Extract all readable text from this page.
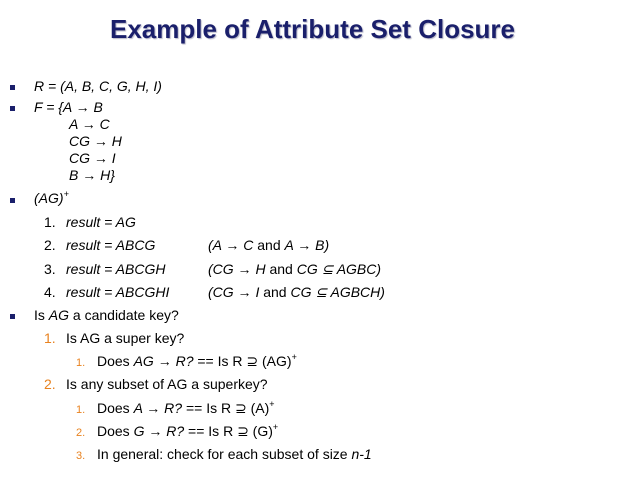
Example of Attribute Set Closure
R = (A, B, C, G, H, I)
F = {A → B
A → C
CG → H
CG → I
B → H}
(AG)+
1. result = AG
2. result = ABCG	(A → C and A → B)
3. result = ABCGH	(CG → H and CG ⊆ AGBC)
4. result = ABCGHI	(CG → I and CG ⊆ AGBCH)
Is AG a candidate key?
1. Is AG a super key?
1. Does AG → R? == Is R ⊇ (AG)+
2. Is any subset of AG a superkey?
1. Does A → R? == Is R ⊇ (A)+
2. Does G → R? == Is R ⊇ (G)+
3. In general: check for each subset of size n-1
